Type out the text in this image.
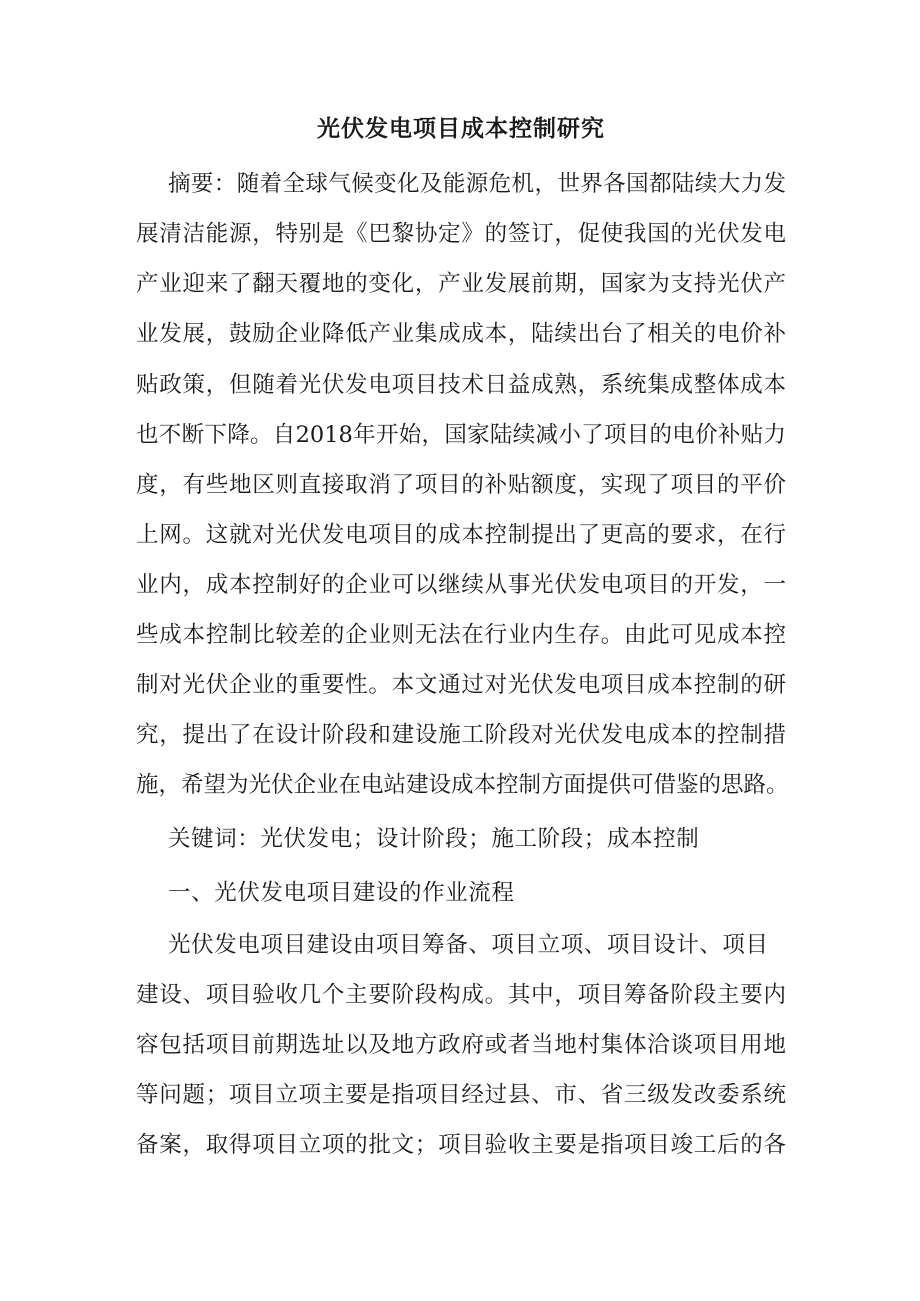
光伏发电项目成本控制研究
摘要：随着全球气候变化及能源危机，世界各国都陆续大力发
展清洁能源，特别是《巴黎协定》的签订，促使我国的光伏发电
产业迎来了翻天覆地的变化，产业发展前期，国家为支持光伏产
业发展，鼓励企业降低产业集成成本，陆续出台了相关的电价补
贴政策，但随着光伏发电项目技术日益成熟，系统集成整体成本
也不断下降。自2018年开始，国家陆续减小了项目的电价补贴力
度，有些地区则直接取消了项目的补贴额度，实现了项目的平价
上网。这就对光伏发电项目的成本控制提出了更高的要求，在行
业内，成本控制好的企业可以继续从事光伏发电项目的开发，一
些成本控制比较差的企业则无法在行业内生存。由此可见成本控
制对光伏企业的重要性。本文通过对光伏发电项目成本控制的研
究，提出了在设计阶段和建设施工阶段对光伏发电成本的控制措
施，希望为光伏企业在电站建设成本控制方面提供可借鉴的思路。
关键词：光伏发电；设计阶段；施工阶段；成本控制
一、光伏发电项目建设的作业流程
光伏发电项目建设由项目筹备、项目立项、项目设计、项目
建设、项目验收几个主要阶段构成。其中，项目筹备阶段主要内
容包括项目前期选址以及地方政府或者当地村集体洽谈项目用地
等问题；项目立项主要是指项目经过县、市、省三级发改委系统
备案，取得项目立项的批文；项目验收主要是指项目竣工后的各
